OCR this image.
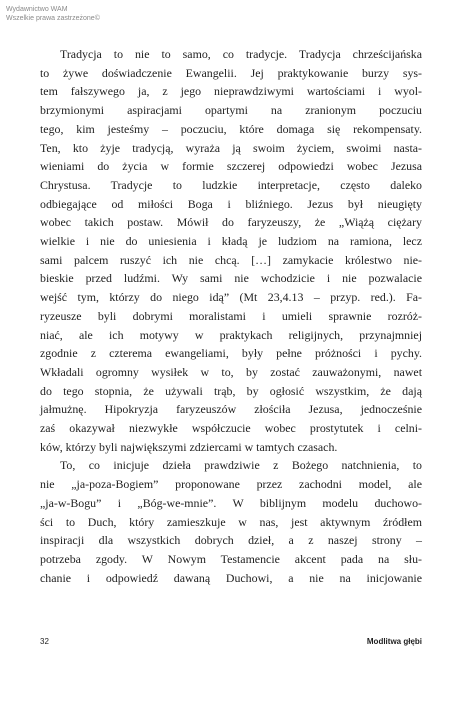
Wydawnictwo WAM
Wszelkie prawa zastrzeżone©
Tradycja to nie to samo, co tradycje. Tradycja chrześcijańska
to żywe doświadczenie Ewangelii. Jej praktykowanie burzy sys-
tem fałszywego ja, z jego nieprawdziwymi wartościami i wyol-
brzymionymi aspiracjami opartymi na zranionym poczuciu
tego, kim jesteśmy – poczuciu, które domaga się rekompensaty.
Ten, kto żyje tradycją, wyraża ją swoim życiem, swoimi nasta-
wieniami do życia w formie szczerej odpowiedzi wobec Jezusa
Chrystusa. Tradycje to ludzkie interpretacje, często daleko
odbiegające od miłości Boga i bliźniego. Jezus był nieugięty
wobec takich postaw. Mówił do faryzeuszy, że „Wiążą ciężary
wielkie i nie do uniesienia i kładą je ludziom na ramiona, lecz
sami palcem ruszyć ich nie chcą. […] zamykacie królestwo nie-
bieskie przed ludźmi. Wy sami nie wchodzicie i nie pozwalacie
wejść tym, którzy do niego idą” (Mt 23,4.13 – przyp. red.). Fa-
ryzeusze byli dobrymi moralistami i umieli sprawnie rozróż-
niać, ale ich motywy w praktykach religijnych, przynajmniej
zgodnie z czterema ewangeliami, były pełne próżności i pychy.
Wkładali ogromny wysiłek w to, by zostać zauważonymi, nawet
do tego stopnia, że używali trąb, by ogłosić wszystkim, że dają
jałmużnę. Hipokryzja faryzeuszów złościła Jezusa, jednocześnie
zaś okazywał niezwykłe współczucie wobec prostytutek i celni-
ków, którzy byli największymi zdziercami w tamtych czasach.
To, co inicjuje dzieła prawdziwie z Bożego natchnienia, to
nie „ja-poza-Bogiem” proponowane przez zachodni model, ale
„ja-w-Bogu” i „Bóg-we-mnie”. W biblijnym modelu duchowo-
ści to Duch, który zamieszkuje w nas, jest aktywnym źródłem
inspiracji dla wszystkich dobrych dzieł, a z naszej strony –
potrzeba zgody. W Nowym Testamencie akcent pada na słu-
chanie i odpowiedź dawaną Duchowi, a nie na inicjowanie
32	Modlitwa głębi
